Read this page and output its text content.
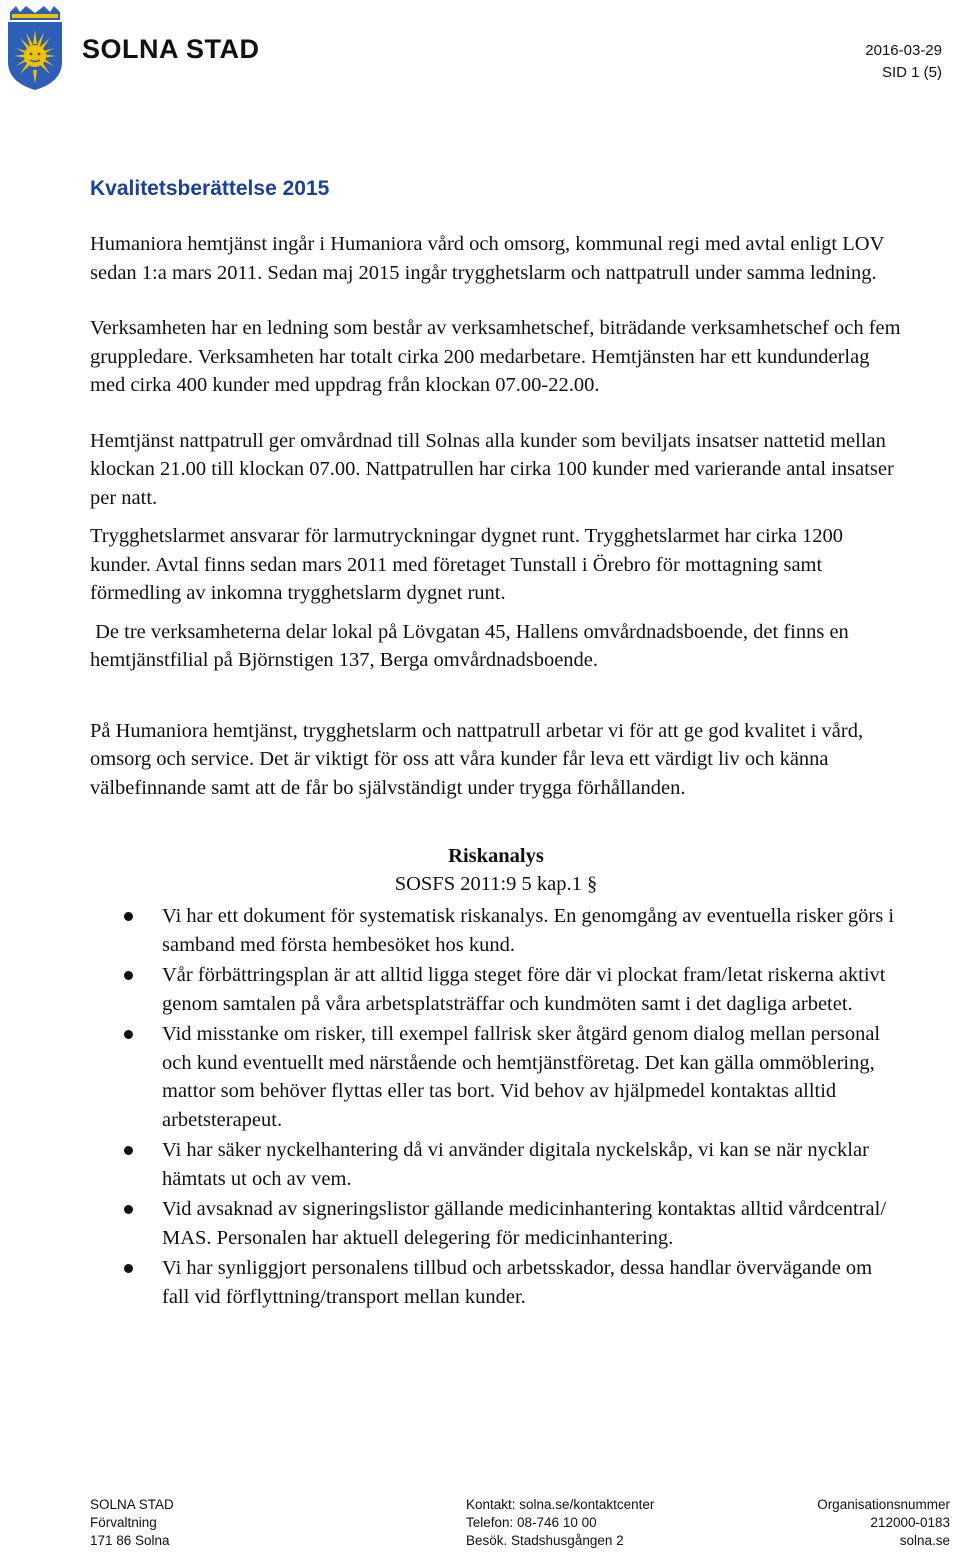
SOLNA STAD	2016-03-29
SID 1 (5)
Kvalitetsberättelse 2015

Humaniora hemtjänst ingår i Humaniora vård och omsorg, kommunal regi med avtal enligt LOV sedan 1:a mars 2011. Sedan maj 2015 ingår trygghetslarm och nattpatrull under samma ledning.

Verksamheten har en ledning som består av verksamhetschef, biträdande verksamhetschef och fem gruppledare. Verksamheten har totalt cirka 200 medarbetare. Hemtjänsten har ett kundunderlag med cirka 400 kunder med uppdrag från klockan 07.00-22.00.

Hemtjänst nattpatrull ger omvårdnad till Solnas alla kunder som beviljats insatser nattetid mellan klockan 21.00 till klockan 07.00. Nattpatrullen har cirka 100 kunder med varierande antal insatser per natt.

Trygghetslarmet ansvarar för larmutryckningar dygnet runt. Trygghetslarmet har cirka 1200 kunder. Avtal finns sedan mars 2011 med företaget Tunstall i Örebro för mottagning samt förmedling av inkomna trygghetslarm dygnet runt.

De tre verksamheterna delar lokal på Lövgatan 45, Hallens omvårdnadsboende, det finns en hemtjänstfilial på Björnstigen 137, Berga omvårdnadsboende.

På Humaniora hemtjänst, trygghetslarm och nattpatrull arbetar vi för att ge god kvalitet i vård, omsorg och service. Det är viktigt för oss att våra kunder får leva ett värdigt liv och känna välbefinnande samt att de får bo självständigt under trygga förhållanden.

Riskanalys
SOSFS 2011:9 5 kap.1 §
Vi har ett dokument för systematisk riskanalys. En genomgång av eventuella risker görs i samband med första hembesöket hos kund.
Vår förbättringsplan är att alltid ligga steget före där vi plockat fram/letat riskerna aktivt genom samtalen på våra arbetsplatsträffar och kundmöten samt i det dagliga arbetet.
Vid misstanke om risker, till exempel fallrisk sker åtgärd genom dialog mellan personal och kund eventuellt med närstående och hemtjänstföretag. Det kan gälla ommöblering, mattor som behöver flyttas eller tas bort. Vid behov av hjälpmedel kontaktas alltid arbetsterapeut.
Vi har säker nyckelhantering då vi använder digitala nyckelskåp, vi kan se när nycklar hämtats ut och av vem.
Vid avsaknad av signeringslistor gällande medicinhantering kontaktas alltid vårdcentral/ MAS. Personalen har aktuell delegering för medicinhantering.
Vi har synliggjort personalens tillbud och arbetsskador, dessa handlar övervägande om fall vid förflyttning/transport mellan kunder.
SOLNA STAD
Förvaltning
171 86 Solna
Kontakt: solna.se/kontaktcenter
Telefon: 08-746 10 00
Besök. Stadshusgången 2
Organisationsnummer
212000-0183
solna.se
